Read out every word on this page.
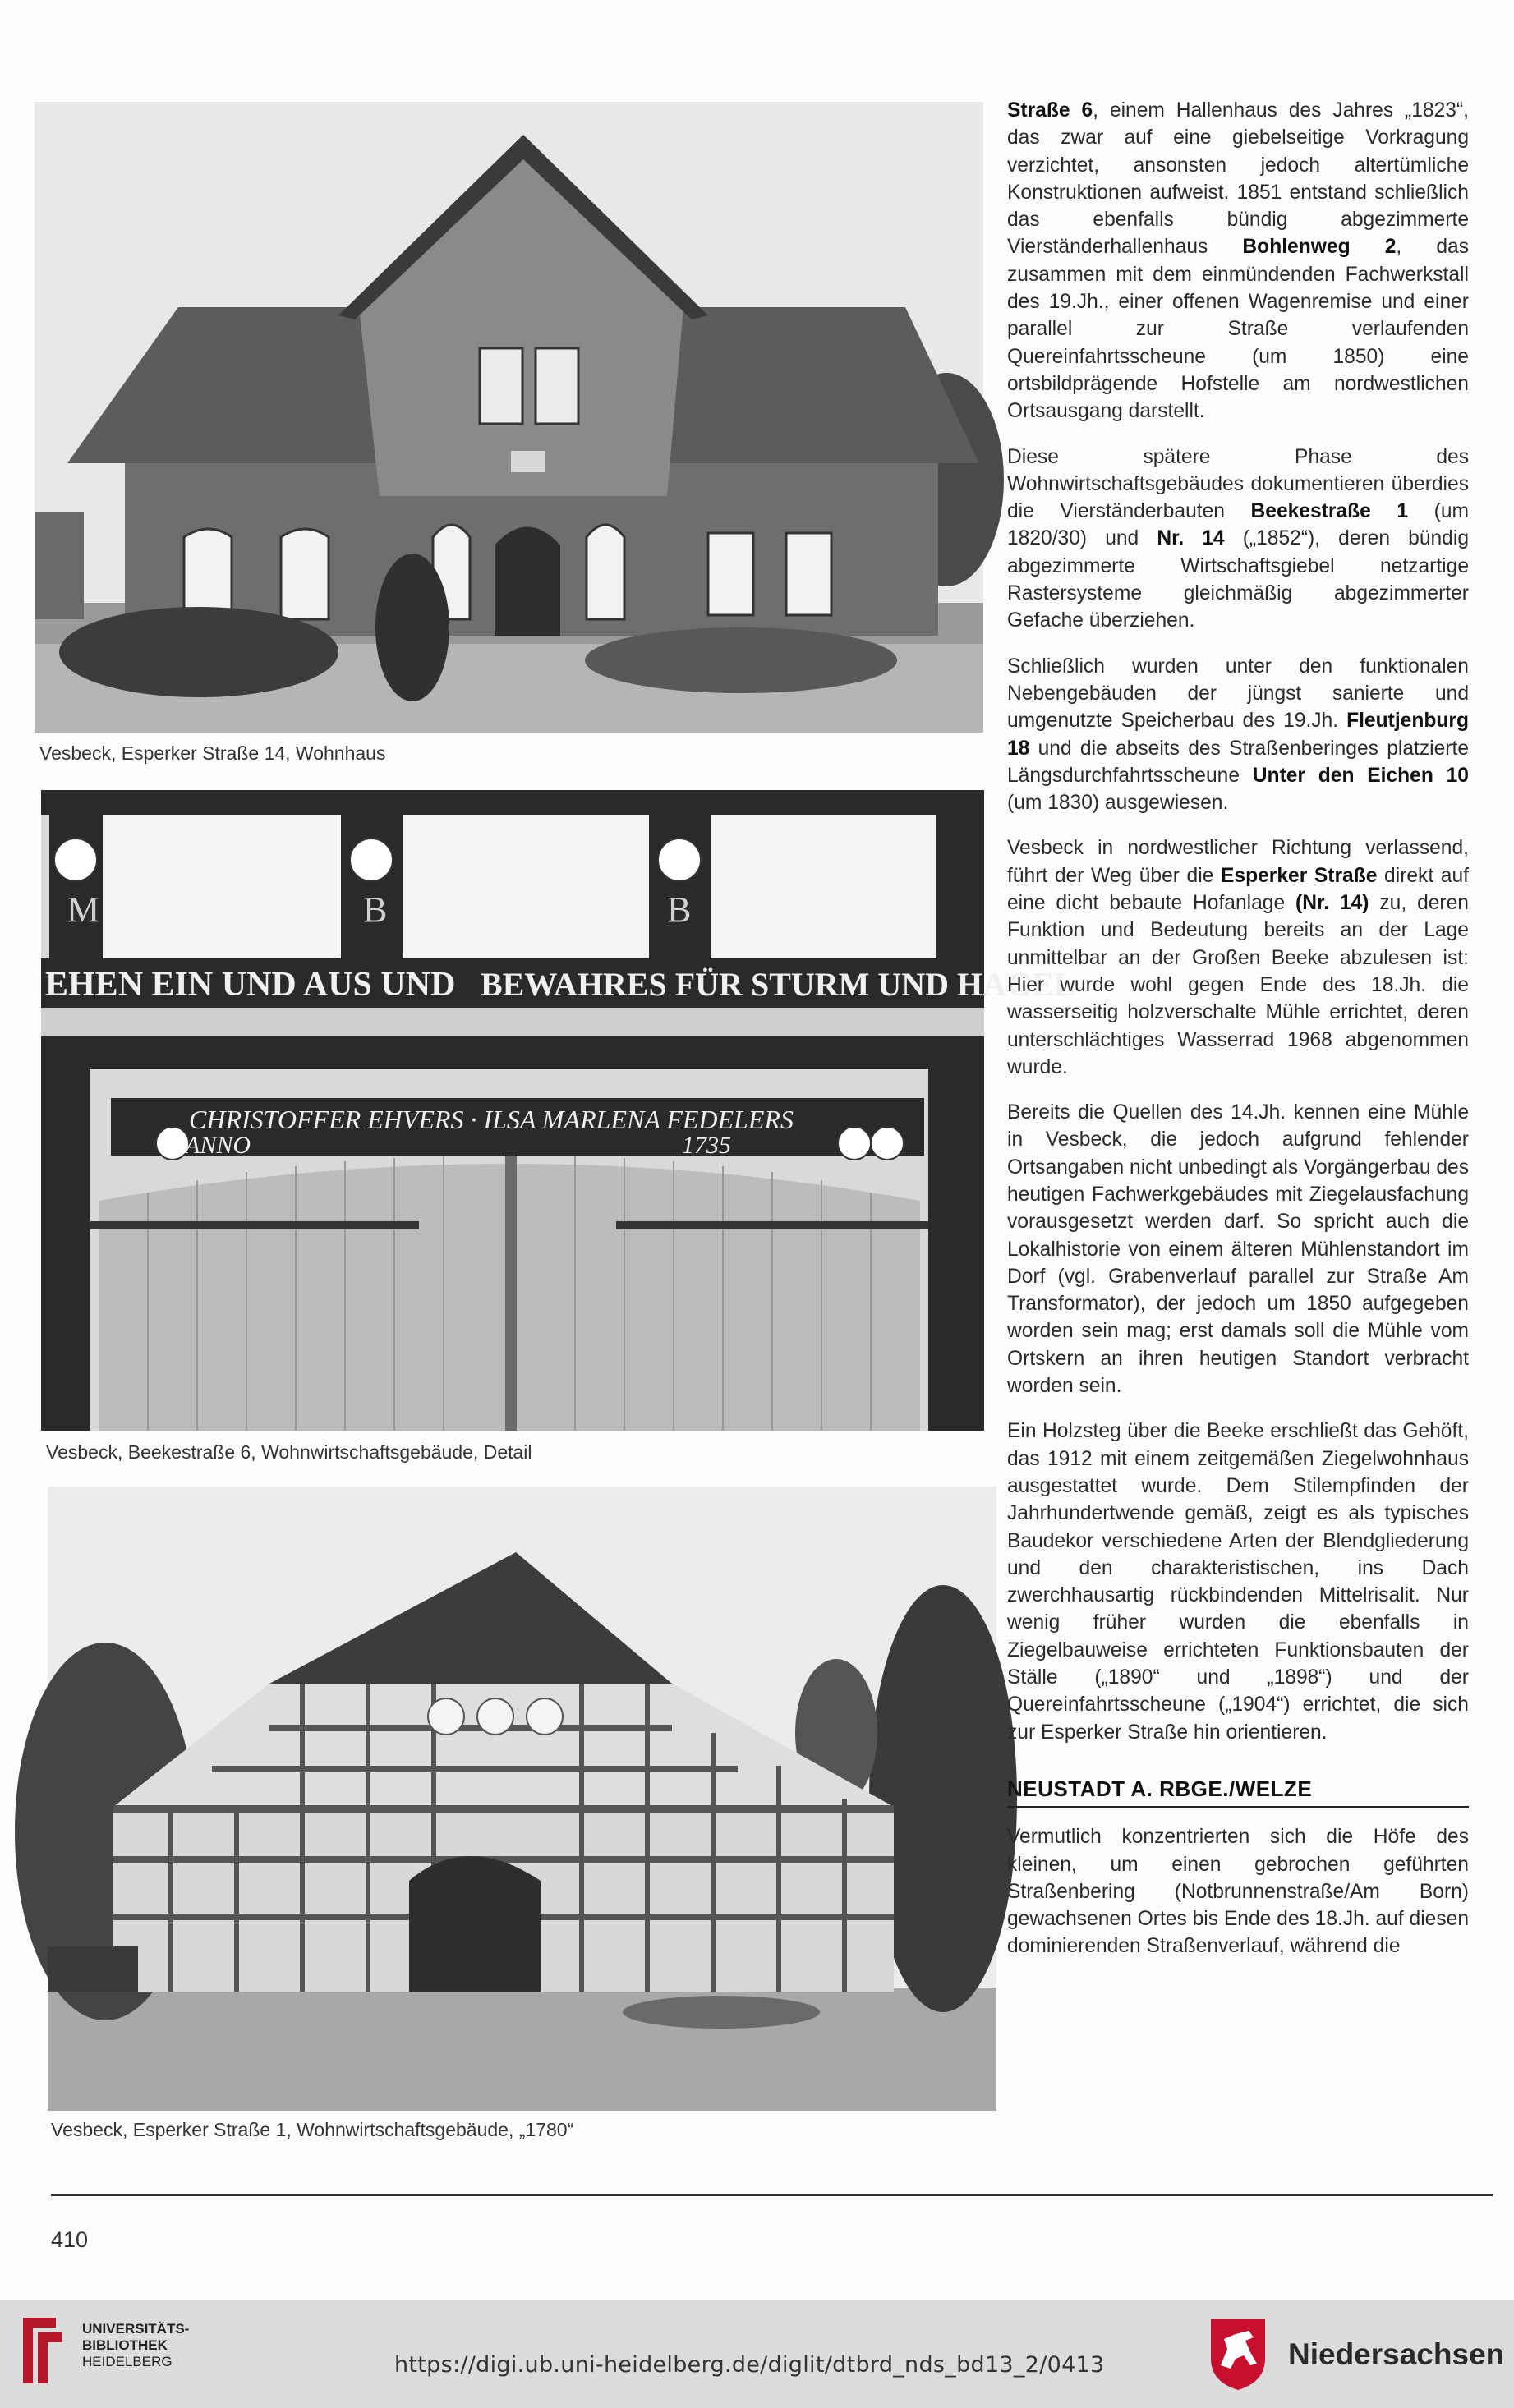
Vesbeck, Esperker Straße 14, Wohnhaus
M	B	B
EHEN EIN UND AUS UND BEWAHRES FÜR STURM UND HAGEL
CHRISTOFFER EHVERS · ILSA MARLENA FEDELERS
ANNO	1735
Vesbeck, Beekestraße 6, Wohnwirtschaftsgebäude, Detail
Vesbeck, Esperker Straße 1, Wohnwirtschaftsgebäude, „1780“

Straße 6, einem Hallenhaus des Jahres „1823“, das zwar auf eine giebelseitige Vorkragung verzichtet, ansonsten jedoch altertümliche Konstruktionen aufweist. 1851 entstand schließlich das ebenfalls bündig abgezimmerte Vierständerhallenhaus Bohlenweg 2, das zusammen mit dem einmündenden Fachwerkstall des 19.Jh., einer offenen Wagenremise und einer parallel zur Straße verlaufenden Quereinfahrtsscheune (um 1850) eine ortsbildprägende Hofstelle am nordwestlichen Ortsausgang darstellt.

Diese spätere Phase des Wohnwirtschaftsgebäudes dokumentieren überdies die Vierständerbauten Beekestraße 1 (um 1820/30) und Nr. 14 („1852“), deren bündig abgezimmerte Wirtschaftsgiebel netzartige Rastersysteme gleichmäßig abgezimmerter Gefache überziehen.

Schließlich wurden unter den funktionalen Nebengebäuden der jüngst sanierte und umgenutzte Speicherbau des 19.Jh. Fleutjenburg 18 und die abseits des Straßenberinges platzierte Längsdurchfahrtsscheune Unter den Eichen 10 (um 1830) ausgewiesen.

Vesbeck in nordwestlicher Richtung verlassend, führt der Weg über die Esperker Straße direkt auf eine dicht bebaute Hofanlage (Nr. 14) zu, deren Funktion und Bedeutung bereits an der Lage unmittelbar an der Großen Beeke abzulesen ist: Hier wurde wohl gegen Ende des 18.Jh. die wasserseitig holzverschalte Mühle errichtet, deren unterschlächtiges Wasserrad 1968 abgenommen wurde.

Bereits die Quellen des 14.Jh. kennen eine Mühle in Vesbeck, die jedoch aufgrund fehlender Ortsangaben nicht unbedingt als Vorgängerbau des heutigen Fachwerkgebäudes mit Ziegelausfachung vorausgesetzt werden darf. So spricht auch die Lokalhistorie von einem älteren Mühlenstandort im Dorf (vgl. Grabenverlauf parallel zur Straße Am Transformator), der jedoch um 1850 aufgegeben worden sein mag; erst damals soll die Mühle vom Ortskern an ihren heutigen Standort verbracht worden sein.

Ein Holzsteg über die Beeke erschließt das Gehöft, das 1912 mit einem zeitgemäßen Ziegelwohnhaus ausgestattet wurde. Dem Stilempfinden der Jahrhundertwende gemäß, zeigt es als typisches Baudekor verschiedene Arten der Blendgliederung und den charakteristischen, ins Dach zwerchhausartig rückbindenden Mittelrisalit. Nur wenig früher wurden die ebenfalls in Ziegelbauweise errichteten Funktionsbauten der Ställe („1890“ und „1898“) und der Quereinfahrtsscheune („1904“) errichtet, die sich zur Esperker Straße hin orientieren.

NEUSTADT A. RBGE./WELZE

Vermutlich konzentrierten sich die Höfe des kleinen, um einen gebrochen geführten Straßenbering (Notbrunnenstraße/Am Born) gewachsenen Ortes bis Ende des 18.Jh. auf diesen dominierenden Straßenverlauf, während die

410
UNIVERSITÄTS-
BIBLIOTHEK
HEIDELBERG	https://digi.ub.uni-heidelberg.de/diglit/dtbrd_nds_bd13_2/0413	Niedersachsen
